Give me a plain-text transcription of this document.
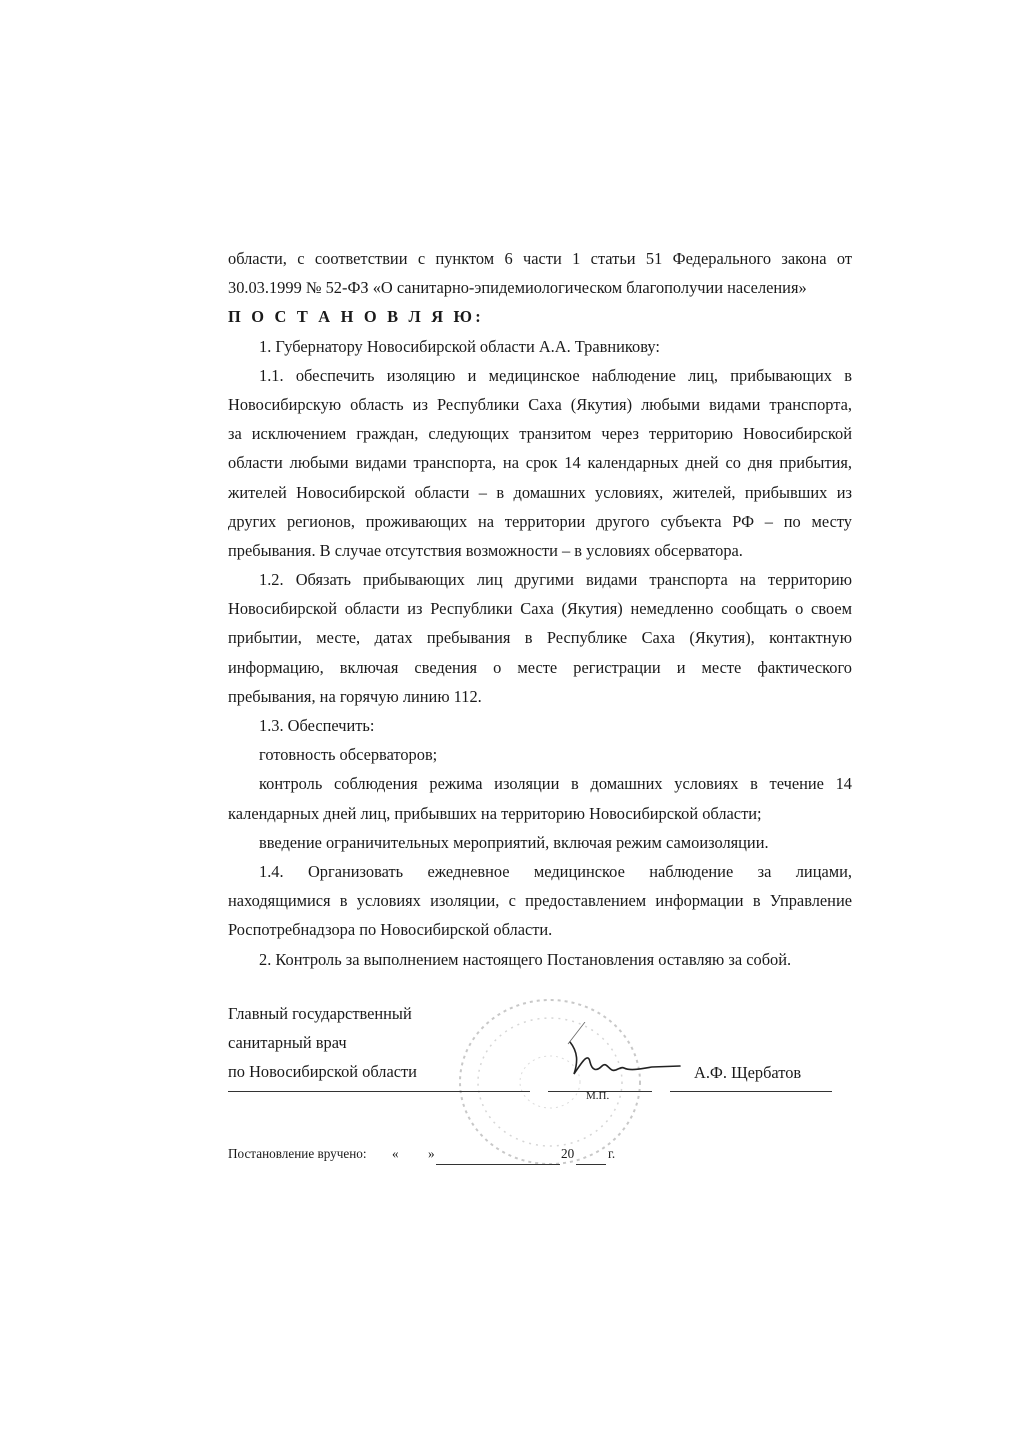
области, с соответствии с пунктом 6 части 1 статьи 51 Федерального закона от
30.03.1999 № 52-ФЗ «О санитарно-эпидемиологическом благополучии населения»
П О С Т А Н О В Л Я Ю:
1. Губернатору Новосибирской области А.А. Травникову:
1.1. обеспечить изоляцию и медицинское наблюдение лиц, прибывающих в
Новосибирскую область из Республики Саха (Якутия) любыми видами транспорта,
за исключением граждан, следующих транзитом через территорию Новосибирской
области любыми видами транспорта, на срок 14 календарных дней со дня прибытия,
жителей Новосибирской области – в домашних условиях, жителей, прибывших из
других регионов, проживающих на территории другого субъекта РФ – по месту
пребывания. В случае отсутствия возможности – в условиях обсерватора.
1.2. Обязать прибывающих лиц другими видами транспорта на территорию
Новосибирской области из Республики Саха (Якутия) немедленно сообщать о своем
прибытии, месте, датах пребывания в Республике Саха (Якутия), контактную
информацию, включая сведения о месте регистрации и месте фактического
пребывания, на горячую линию 112.
1.3. Обеспечить:
готовность обсерваторов;
контроль соблюдения режима изоляции в домашних условиях в течение 14
календарных дней лиц, прибывших на территорию Новосибирской области;
введение ограничительных мероприятий, включая режим самоизоляции.
1.4. Организовать ежедневное медицинское наблюдение за лицами,
находящимися в условиях изоляции, с предоставлением информации в Управление
Роспотребнадзора по Новосибирской области.
2. Контроль за выполнением настоящего Постановления оставляю за собой.
Главный государственный
санитарный врач
по Новосибирской области	А.Ф. Щербатов
М.П.
Постановление вручено: « »	20	г.
